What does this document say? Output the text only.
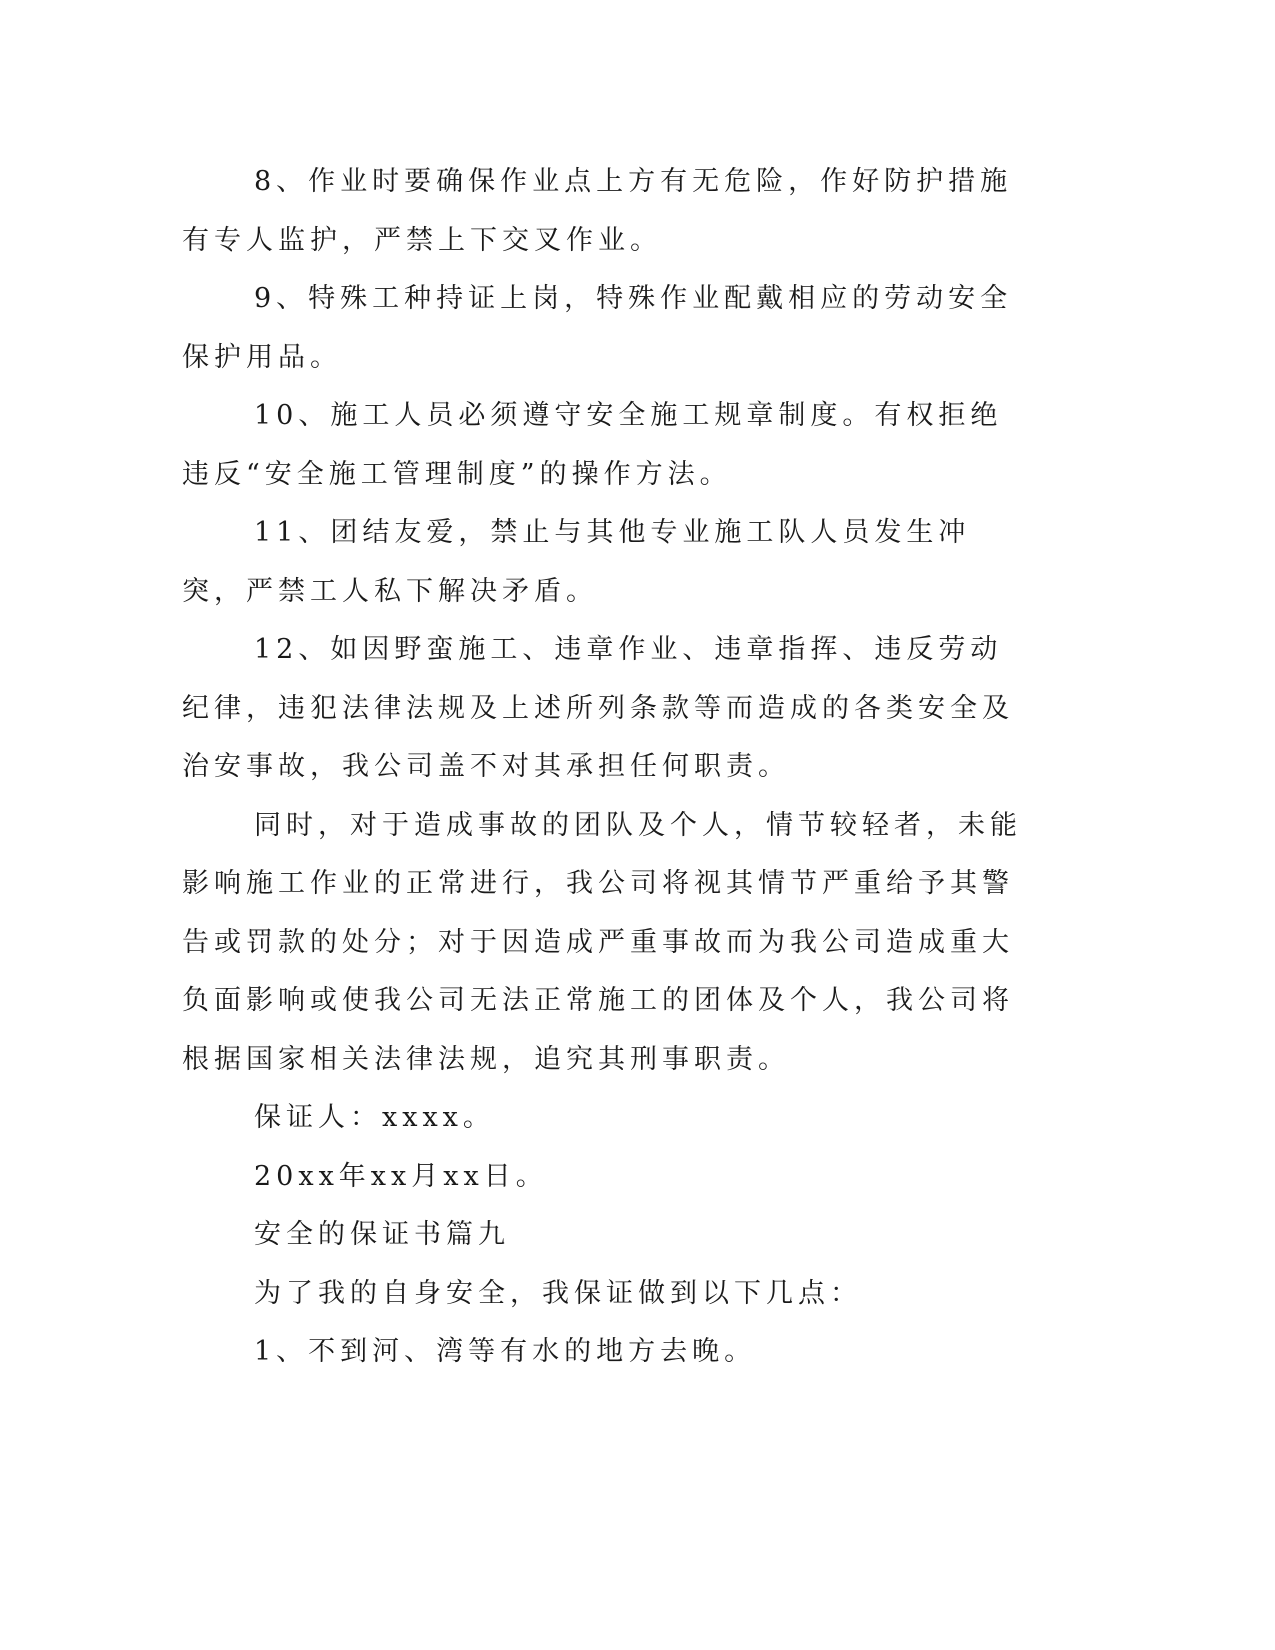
8、作业时要确保作业点上方有无危险，作好防护措施有专人监护，严禁上下交叉作业。

9、特殊工种持证上岗，特殊作业配戴相应的劳动安全保护用品。

10、施工人员必须遵守安全施工规章制度。有权拒绝违反“安全施工管理制度”的操作方法。

11、团结友爱，禁止与其他专业施工队人员发生冲突，严禁工人私下解决矛盾。

12、如因野蛮施工、违章作业、违章指挥、违反劳动纪律，违犯法律法规及上述所列条款等而造成的各类安全及治安事故，我公司盖不对其承担任何职责。

同时，对于造成事故的团队及个人，情节较轻者，未能影响施工作业的正常进行，我公司将视其情节严重给予其警告或罚款的处分；对于因造成严重事故而为我公司造成重大负面影响或使我公司无法正常施工的团体及个人，我公司将根据国家相关法律法规，追究其刑事职责。

保证人：xxxx。

20xx年xx月xx日。

安全的保证书篇九

为了我的自身安全，我保证做到以下几点：

1、不到河、湾等有水的地方去晚。
